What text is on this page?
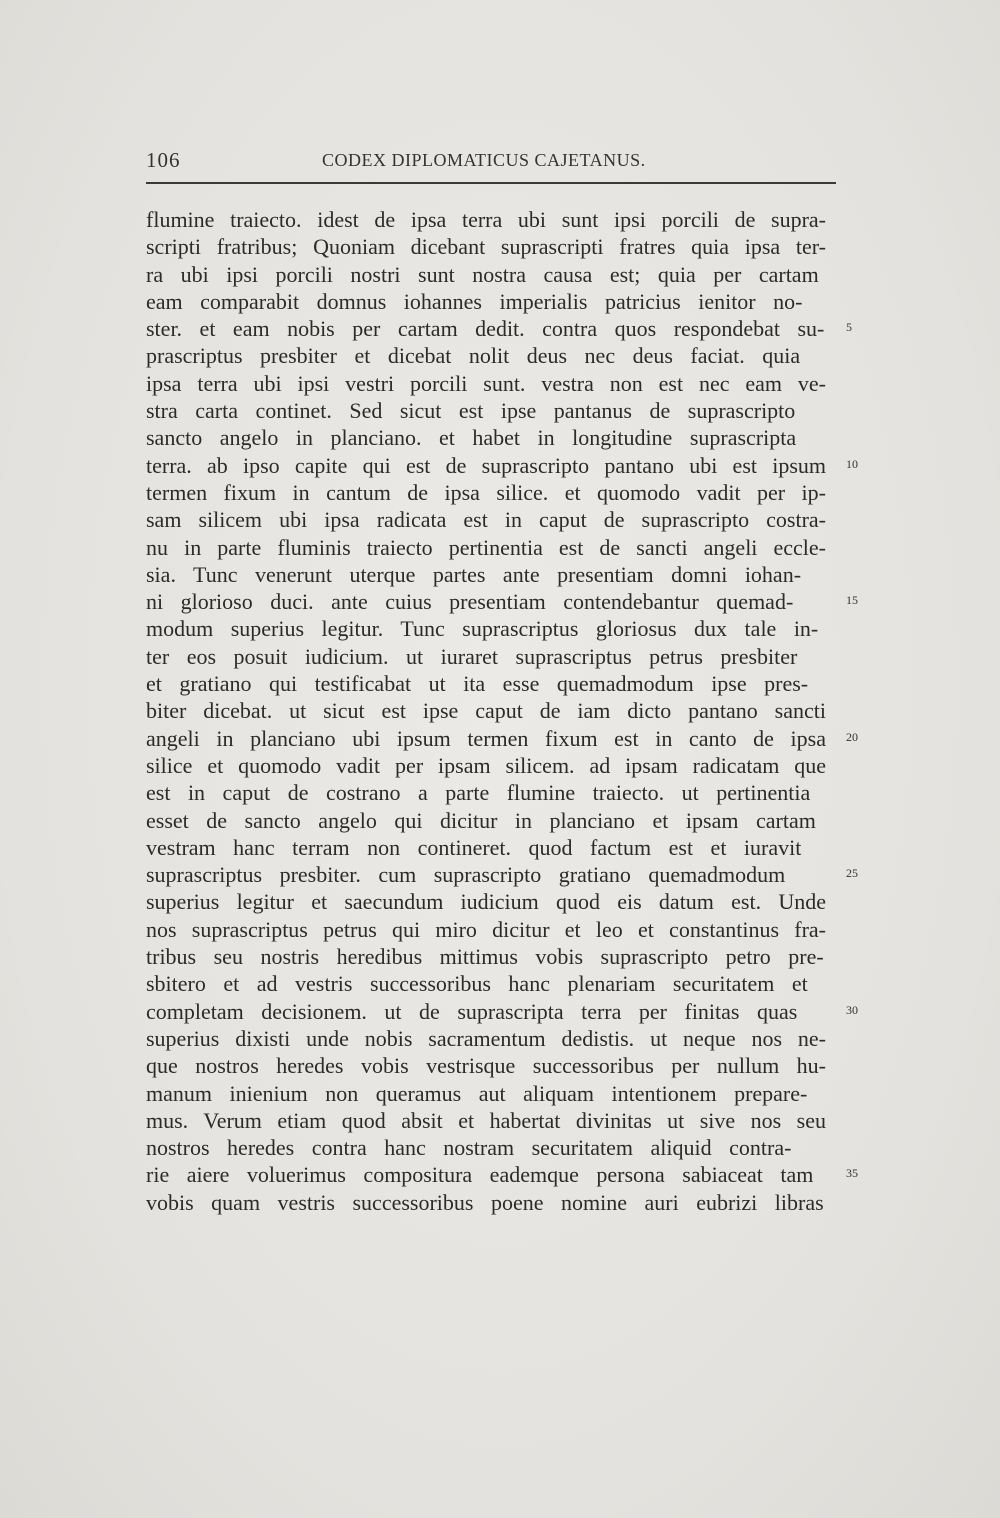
106	CODEX DIPLOMATICUS CAJETANUS.
flumine traiecto. idest de ipsa terra ubi sunt ipsi porcili de supra-
scripti fratribus; Quoniam dicebant suprascripti fratres quia ipsa ter-
ra ubi ipsi porcili nostri sunt nostra causa est; quia per cartam
eam comparabit domnus iohannes imperialis patricius ienitor no-
ster. et eam nobis per cartam dedit. contra quos respondebat su- 5
prascriptus presbiter et dicebat nolit deus nec deus faciat. quia
ipsa terra ubi ipsi vestri porcili sunt. vestra non est nec eam ve-
stra carta continet. Sed sicut est ipse pantanus de suprascripto
sancto angelo in planciano. et habet in longitudine suprascripta
terra. ab ipso capite qui est de suprascripto pantano ubi est ipsum 10
termen fixum in cantum de ipsa silice. et quomodo vadit per ip-
sam silicem ubi ipsa radicata est in caput de suprascripto costra-
nu in parte fluminis traiecto pertinentia est de sancti angeli eccle-
sia. Tunc venerunt uterque partes ante presentiam domni iohan-
ni glorioso duci. ante cuius presentiam contendebantur quemad-	15
modum superius legitur. Tunc suprascriptus gloriosus dux tale in-
ter eos posuit iudicium. ut iuraret suprascriptus petrus presbiter
et gratiano qui testificabat ut ita esse quemadmodum ipse pres-
biter dicebat. ut sicut est ipse caput de iam dicto pantano sancti
angeli in planciano ubi ipsum termen fixum est in canto de ipsa 20
silice et quomodo vadit per ipsam silicem. ad ipsam radicatam que
est in caput de costrano a parte flumine traiecto. ut pertinentia
esset de sancto angelo qui dicitur in planciano et ipsam cartam
vestram hanc terram non contineret. quod factum est et iuravit
suprascriptus presbiter. cum suprascripto gratiano quemadmodum	25
superius legitur et saecundum iudicium quod eis datum est. Unde
nos suprascriptus petrus qui miro dicitur et leo et constantinus fra-
tribus seu nostris heredibus mittimus vobis suprascripto petro pre-
sbitero et ad vestris successoribus hanc plenariam securitatem et
completam decisionem. ut de suprascripta terra per finitas quas	30
superius dixisti unde nobis sacramentum dedistis. ut neque nos ne-
que nostros heredes vobis vestrisque successoribus per nullum hu-
manum inienium non queramus aut aliquam intentionem prepare-
mus. Verum etiam quod absit et habertat divinitas ut sive nos seu
nostros heredes contra hanc nostram securitatem aliquid contra-
rie aiere voluerimus compositura eademque persona sabiaceat tam	35
vobis quam vestris successoribus poene nomine auri eubrizi libras
